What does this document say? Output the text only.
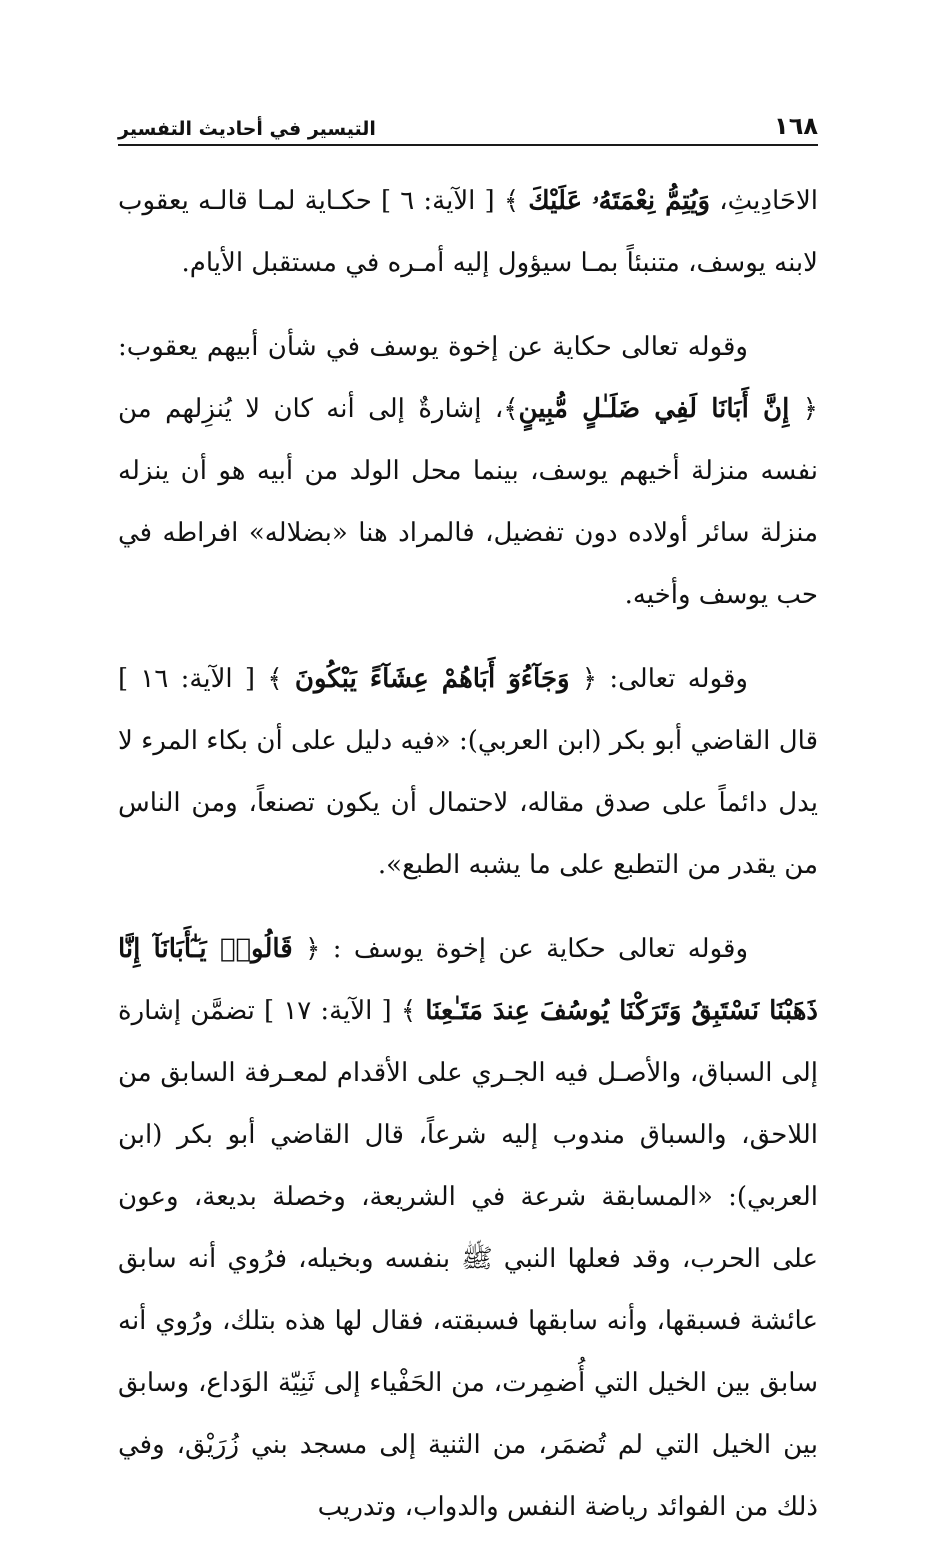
١٦٨
التيسير في أحاديث التفسير

الاحَادِيثِ، وَيُتِمُّ نِعْمَتَهُۥ عَلَيْكَ ﴾ [ الآية: ٦ ] حكـاية لمـا قالـه يعقوب لابنه يوسف، متنبئاً بمـا سيؤول إليه أمـره في مستقبل الأيام.

وقوله تعالى حكاية عن إخوة يوسف في شأن أبيهم يعقوب: ﴿ إِنَّ أَبَانَا لَفِي ضَلَـٰلٍ مُّبِينٍ﴾، إشارةٌ إلى أنه كان لا يُنزِلهم من نفسه منزلة أخيهم يوسف، بينما محل الولد من أبيه هو أن ينزله منزلة سائر أولاده دون تفضيل، فالمراد هنا «بضلاله» افراطه في حب يوسف وأخيه.

وقوله تعالى: ﴿ وَجَآءُوٓ أَبَاهُمْ عِشَآءً يَبْكُونَ ﴾ [ الآية: ١٦ ] قال القاضي أبو بكر (ابن العربي): «فيه دليل على أن بكاء المرء لا يدل دائماً على صدق مقاله، لاحتمال أن يكون تصنعاً، ومن الناس من يقدر من التطبع على ما يشبه الطبع».

وقوله تعالى حكاية عن إخوة يوسف : ﴿ قَالُوا۟ يَـٰٓأَبَانَآ إِنَّا ذَهَبْنَا نَسْتَبِقُ وَتَرَكْنَا يُوسُفَ عِندَ مَتَـٰعِنَا ﴾ [ الآية: ١٧ ] تضمَّن إشارة إلى السباق، والأصـل فيه الجـري على الأقدام لمعـرفة السابق من اللاحق، والسباق مندوب إليه شرعاً، قال القاضي أبو بكر (ابن العربي): «المسابقة شرعة في الشريعة، وخصلة بديعة، وعون على الحرب، وقد فعلها النبي ﷺ بنفسه وبخيله، فرُوي أنه سابق عائشة فسبقها، وأنه سابقها فسبقته، فقال لها هذه بتلك، ورُوي أنه سابق بين الخيل التي أُضمِرت، من الحَفْياء إلى ثَنِيّة الوَداع، وسابق بين الخيل التي لم تُضمَر، من الثنية إلى مسجد بني زُرَيْق، وفي ذلك من الفوائد رياضة النفس والدواب، وتدريب
